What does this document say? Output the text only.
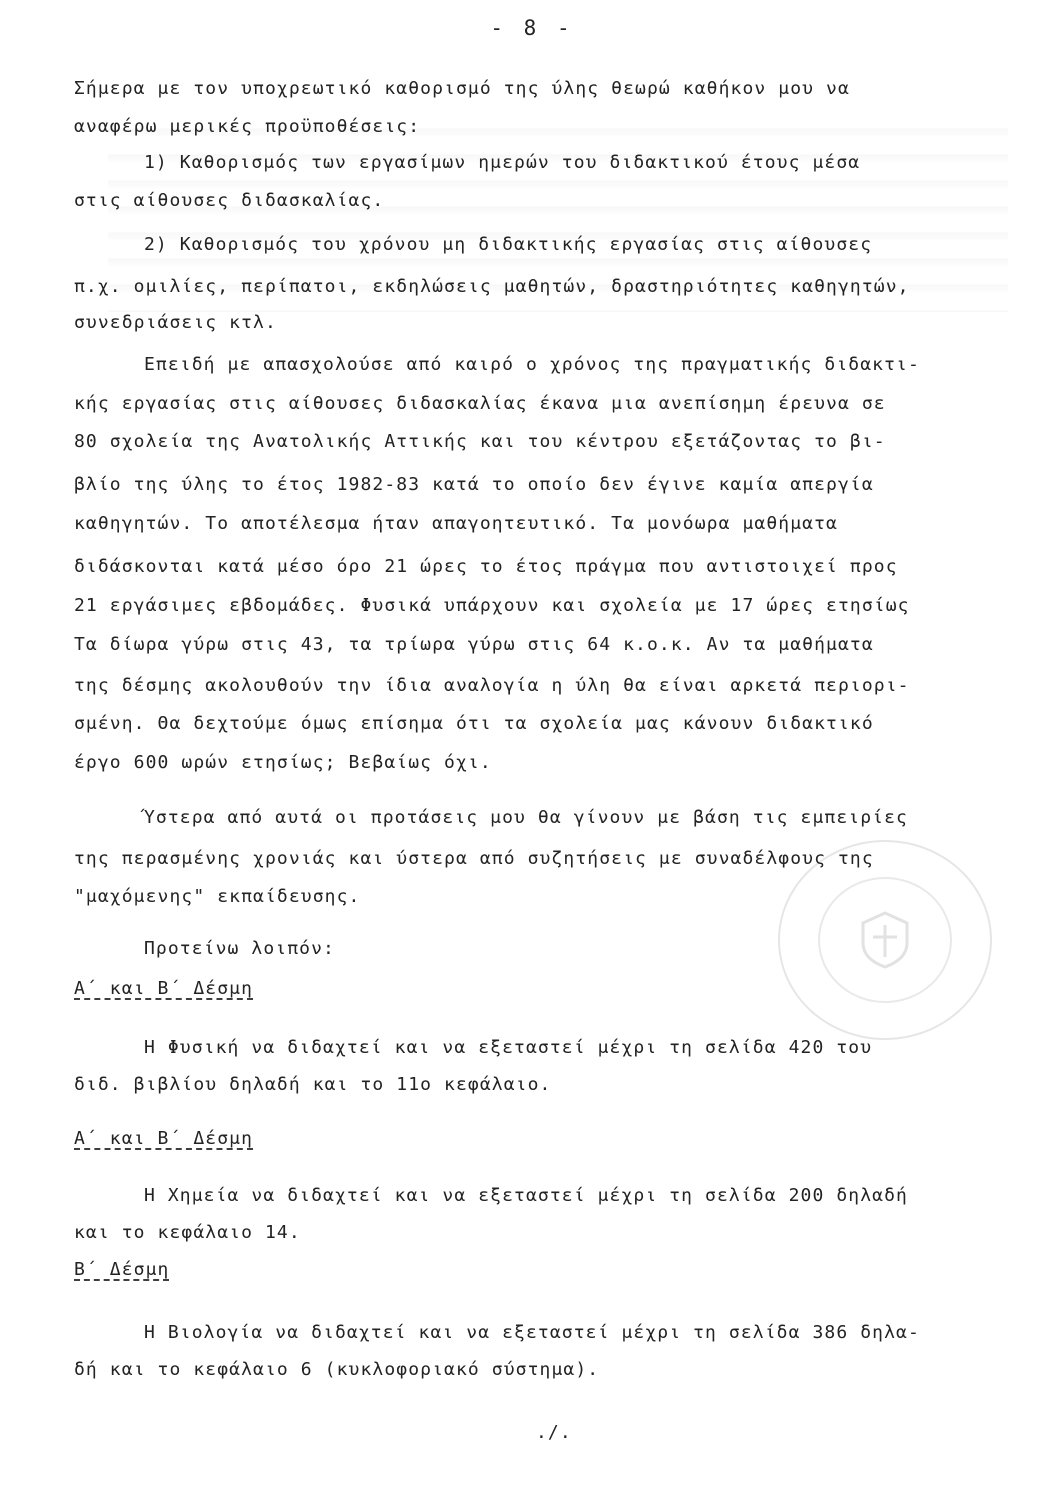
- 8 -
Σήμερα με τον υποχρεωτικό καθορισμό της ύλης θεωρώ καθήκον μου να
αναφέρω μερικές προϋποθέσεις:
1) Καθορισμός των εργασίμων ημερών του διδακτικού έτους μέσα
στις αίθουσες διδασκαλίας.
2) Καθορισμός του χρόνου μη διδακτικής εργασίας στις αίθουσες
π.χ. ομιλίες, περίπατοι, εκδηλώσεις μαθητών, δραστηριότητες καθηγητών,
συνεδριάσεις κτλ.
Επειδή με απασχολούσε από καιρό ο χρόνος της πραγματικής διδακτι-
κής εργασίας στις αίθουσες διδασκαλίας έκανα μια ανεπίσημη έρευνα σε
80 σχολεία της Ανατολικής Αττικής και του κέντρου εξετάζοντας το βι-
βλίο της ύλης το έτος 1982-83 κατά το οποίο δεν έγινε καμία απεργία
καθηγητών. Το αποτέλεσμα ήταν απαγοητευτικό. Τα μονόωρα μαθήματα
διδάσκονται κατά μέσο όρο 21 ώρες το έτος πράγμα που αντιστοιχεί προς
21 εργάσιμες εβδομάδες. Φυσικά υπάρχουν και σχολεία με 17 ώρες ετησίως
Τα δίωρα γύρω στις 43, τα τρίωρα γύρω στις 64 κ.ο.κ. Αν τα μαθήματα
της δέσμης ακολουθούν την ίδια αναλογία η ύλη θα είναι αρκετά περιορι-
σμένη. Θα δεχτούμε όμως επίσημα ότι τα σχολεία μας κάνουν διδακτικό
έργο 600 ωρών ετησίως; Βεβαίως όχι.
Ύστερα από αυτά οι προτάσεις μου θα γίνουν με βάση τις εμπειρίες
της περασμένης χρονιάς και ύστερα από συζητήσεις με συναδέλφους της
"μαχόμενης" εκπαίδευσης.
Προτείνω λοιπόν:
Α΄ και Β΄ Δέσμη
Η Φυσική να διδαχτεί και να εξεταστεί μέχρι τη σελίδα 420 του
διδ. βιβλίου δηλαδή και το 11ο κεφάλαιο.
Α΄ και Β΄ Δέσμη
Η Χημεία να διδαχτεί και να εξεταστεί μέχρι τη σελίδα 200 δηλαδή
και το κεφάλαιο 14.
Β΄ Δέσμη
Η Βιολογία να διδαχτεί και να εξεταστεί μέχρι τη σελίδα 386 δηλα-
δή και το κεφάλαιο 6 (κυκλοφοριακό σύστημα).
./.
